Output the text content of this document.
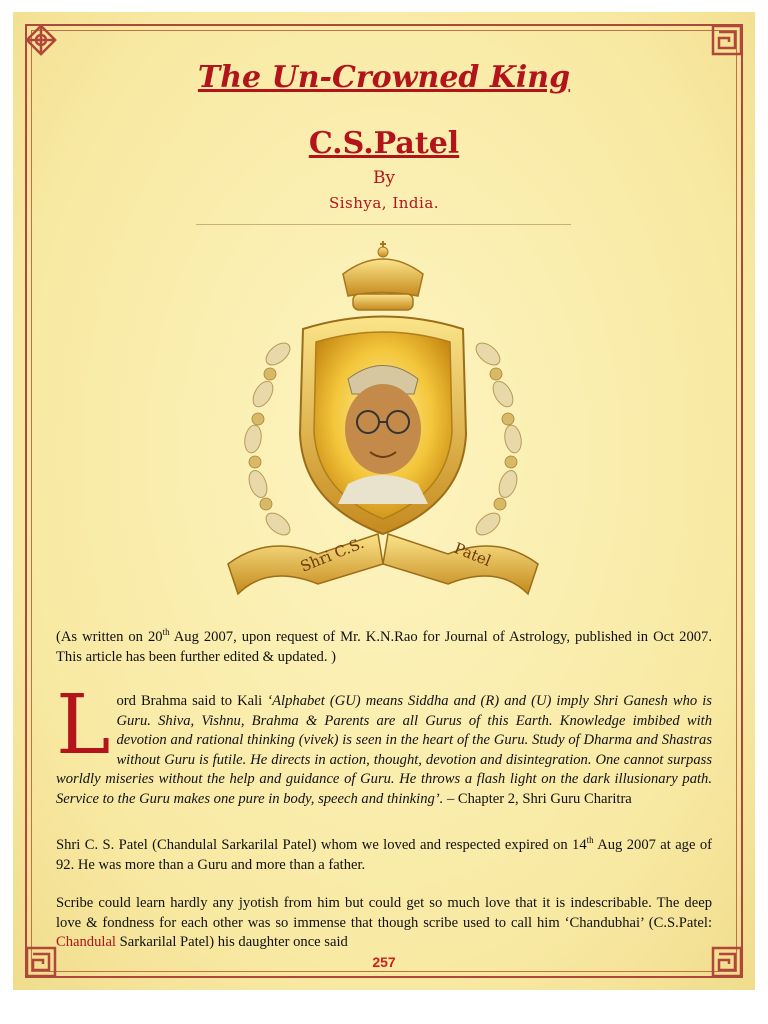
The Un-Crowned King
C.S.Patel
By
Sishya, India.
Shri C.S.	Patel
(As written on 20th Aug 2007, upon request of Mr. K.N.Rao for Journal of Astrology, published in Oct 2007. This article has been further edited & updated. )
Lord Brahma said to Kali ‘Alphabet (GU) means Siddha and (R) and (U) imply Shri Ganesh who is Guru. Shiva, Vishnu, Brahma & Parents are all Gurus of this Earth. Knowledge imbibed with devotion and rational thinking (vivek) is seen in the heart of the Guru. Study of Dharma and Shastras without Guru is futile. He directs in action, thought, devotion and disintegration. One cannot surpass worldly miseries without the help and guidance of Guru. He throws a flash light on the dark illusionary path. Service to the Guru makes one pure in body, speech and thinking’. – Chapter 2, Shri Guru Charitra
Shri C. S. Patel (Chandulal Sarkarilal Patel) whom we loved and respected expired on 14th Aug 2007 at age of 92. He was more than a Guru and more than a father.
Scribe could learn hardly any jyotish from him but could get so much love that it is indescribable. The deep love & fondness for each other was so immense that though scribe used to call him ‘Chandubhai’ (C.S.Patel: Chandulal Sarkarilal Patel) his daughter once said
257
